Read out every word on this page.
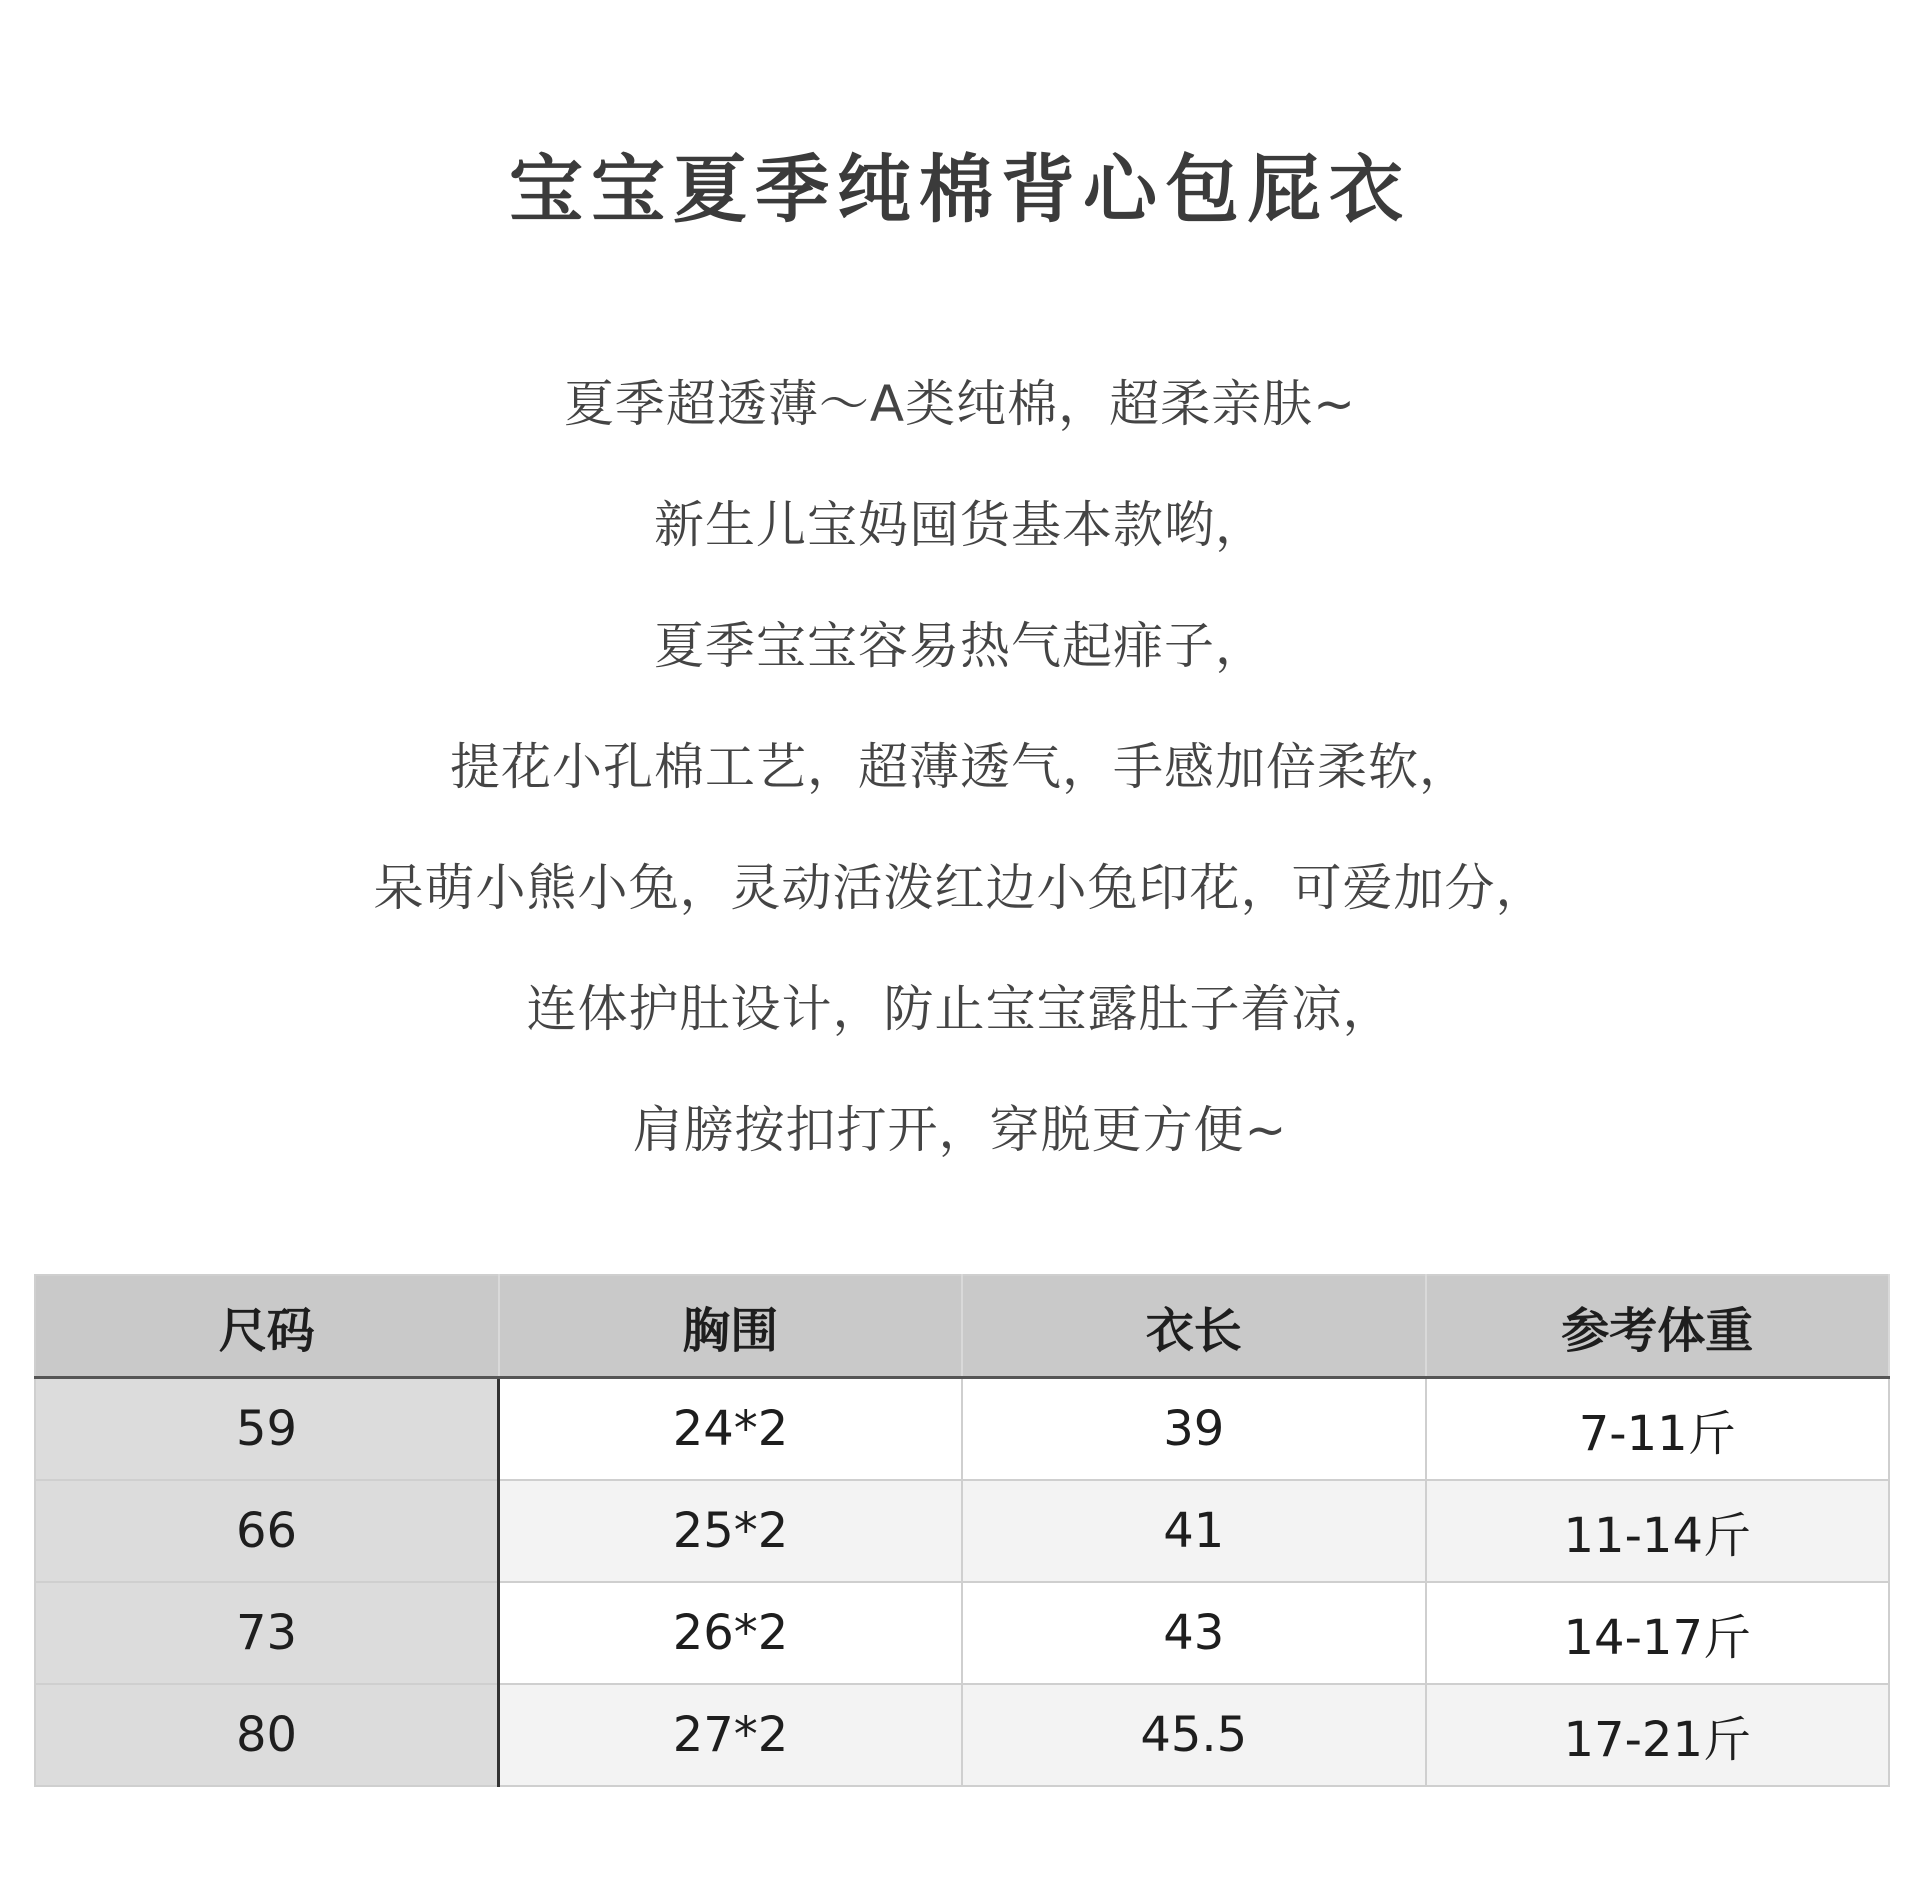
宝宝夏季纯棉背心包屁衣
夏季超透薄～A类纯棉，超柔亲肤~
新生儿宝妈囤货基本款哟，
夏季宝宝容易热气起痱子，
提花小孔棉工艺，超薄透气，手感加倍柔软，
呆萌小熊小兔，灵动活泼红边小兔印花，可爱加分，
连体护肚设计，防止宝宝露肚子着凉，
肩膀按扣打开，穿脱更方便~
尺码	胸围	衣长	参考体重
59	24*2	39	7-11斤
66	25*2	41	11-14斤
73	26*2	43	14-17斤
80	27*2	45.5	17-21斤
